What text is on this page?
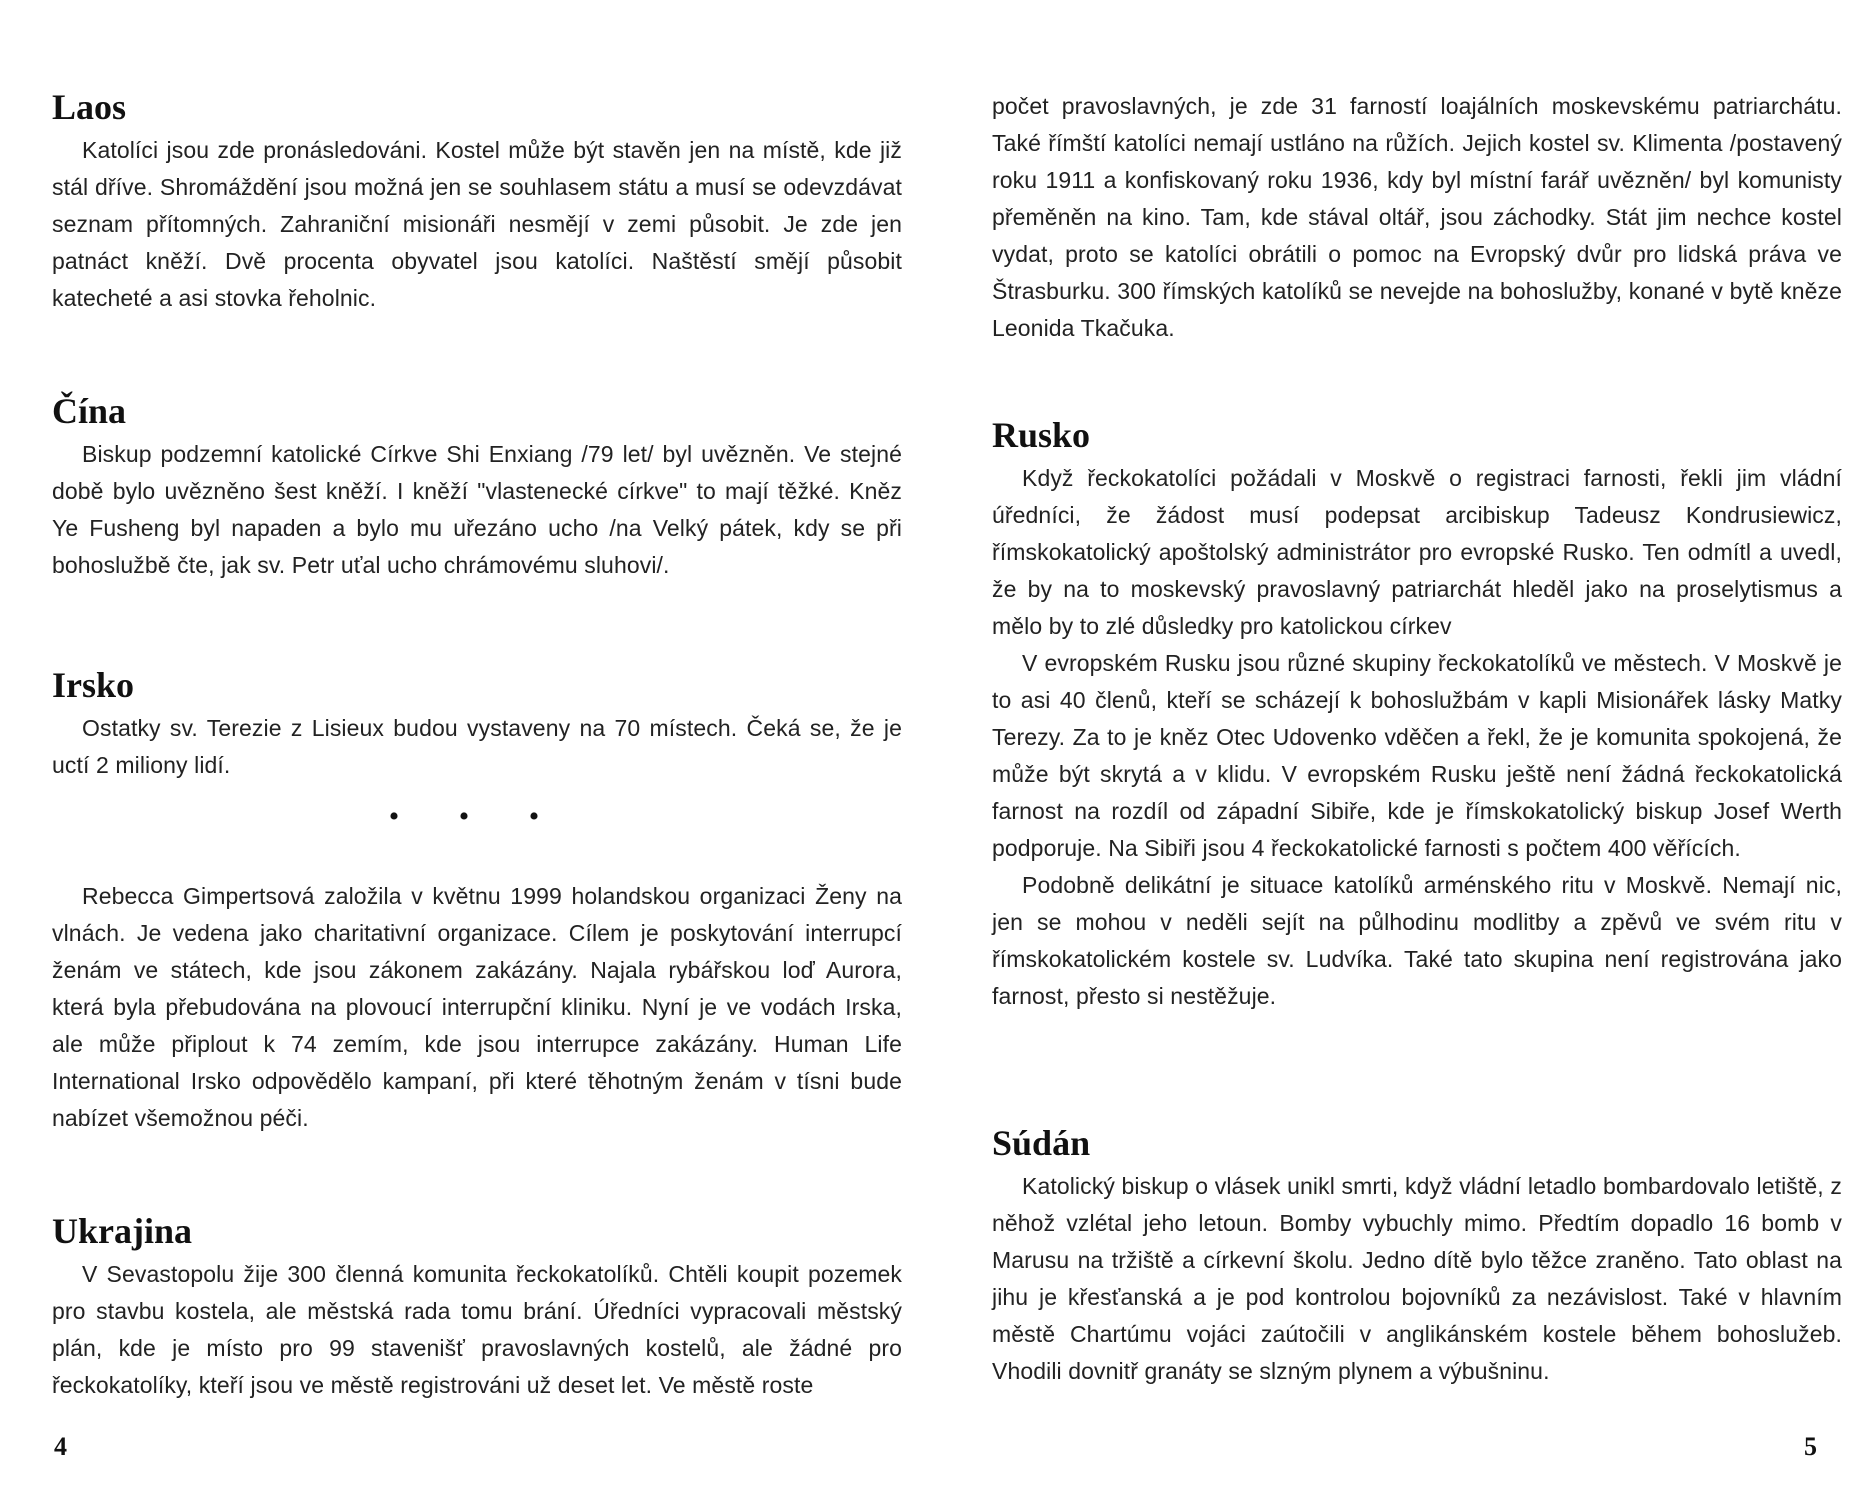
Laos

Katolíci jsou zde pronásledováni. Kostel může být stavěn jen na místě, kde již stál dříve. Shromáždění jsou možná jen se souhlasem státu a musí se odevzdávat seznam přítomných. Zahraniční misionáři nesmějí v zemi působit. Je zde jen patnáct kněží. Dvě procenta obyvatel jsou katolíci. Naštěstí smějí působit katecheté a asi stovka řeholnic.

Čína

Biskup podzemní katolické Církve Shi Enxiang /79 let/ byl uvězněn. Ve stejné době bylo uvězněno šest kněží. I kněží "vlastenecké církve" to mají těžké. Kněz Ye Fusheng byl napaden a bylo mu uřezáno ucho /na Velký pátek, kdy se při bohoslužbě čte, jak sv. Petr uťal ucho chrámovému sluhovi/.

Irsko

Ostatky sv. Terezie z Lisieux budou vystaveny na 70 místech. Čeká se, že je uctí 2 miliony lidí.

• • •

Rebecca Gimpertsová založila v květnu 1999 holandskou organizaci Ženy na vlnách. Je vedena jako charitativní organizace. Cílem je poskytování interrupcí ženám ve státech, kde jsou zákonem zakázány. Najala rybářskou loď Aurora, která byla přebudována na plovoucí interrupční kliniku. Nyní je ve vodách Irska, ale může připlout k 74 zemím, kde jsou interrupce zakázány. Human Life International Irsko odpovědělo kampaní, při které těhotným ženám v tísni bude nabízet všemožnou péči.

Ukrajina

V Sevastopolu žije 300 členná komunita řeckokatolíků. Chtěli koupit pozemek pro stavbu kostela, ale městská rada tomu brání. Úředníci vypracovali městský plán, kde je místo pro 99 stavenišť pravoslavných kostelů, ale žádné pro řeckokatolíky, kteří jsou ve městě registrováni už deset let. Ve městě roste

4

počet pravoslavných, je zde 31 farností loajálních moskevskému patriarchátu. Také římští katolíci nemají ustláno na růžích. Jejich kostel sv. Klimenta /postavený roku 1911 a konfiskovaný roku 1936, kdy byl místní farář uvězněn/ byl komunisty přeměněn na kino. Tam, kde stával oltář, jsou záchodky. Stát jim nechce kostel vydat, proto se katolíci obrátili o pomoc na Evropský dvůr pro lidská práva ve Štrasburku. 300 římských katolíků se nevejde na bohoslužby, konané v bytě kněze Leonida Tkačuka.

Rusko

Když řeckokatolíci požádali v Moskvě o registraci farnosti, řekli jim vládní úředníci, že žádost musí podepsat arcibiskup Tadeusz Kondrusiewicz, římskokatolický apoštolský administrátor pro evropské Rusko. Ten odmítl a uvedl, že by na to moskevský pravoslavný patriarchát hleděl jako na proselytismus a mělo by to zlé důsledky pro katolickou církev

V evropském Rusku jsou různé skupiny řeckokatolíků ve městech. V Moskvě je to asi 40 členů, kteří se scházejí k bohoslužbám v kapli Misionářek lásky Matky Terezy. Za to je kněz Otec Udovenko vděčen a řekl, že je komunita spokojená, že může být skrytá a v klidu. V evropském Rusku ještě není žádná řeckokatolická farnost na rozdíl od západní Sibiře, kde je římskokatolický biskup Josef Werth podporuje. Na Sibiři jsou 4 řeckokatolické farnosti s počtem 400 věřících.

Podobně delikátní je situace katolíků arménského ritu v Moskvě. Nemají nic, jen se mohou v neděli sejít na půlhodinu modlitby a zpěvů ve svém ritu v římskokatolickém kostele sv. Ludvíka. Také tato skupina není registrována jako farnost, přesto si nestěžuje.

Súdán

Katolický biskup o vlásek unikl smrti, když vládní letadlo bombardovalo letiště, z něhož vzlétal jeho letoun. Bomby vybuchly mimo. Předtím dopadlo 16 bomb v Marusu na tržiště a církevní školu. Jedno dítě bylo těžce zraněno. Tato oblast na jihu je křesťanská a je pod kontrolou bojovníků za nezávislost. Také v hlavním městě Chartúmu vojáci zaútočili v anglikánském kostele během bohoslužeb. Vhodili dovnitř granáty se slzným plynem a výbušninu.

5
